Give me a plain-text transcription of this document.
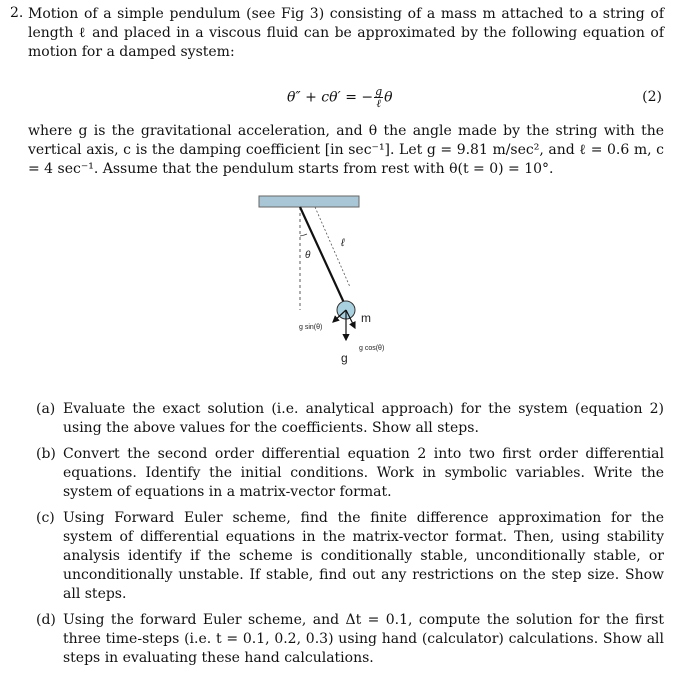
2. Motion of a simple pendulum (see Fig 3) consisting of a mass m attached to a string of length ℓ and placed in a viscous fluid can be approximated by the following equation of motion for a damped system:
θ″ + cθ′ = − $\frac{g}{\text{ℓ}}$ θ	(2)
where g is the gravitational acceleration, and θ the angle made by the string with the vertical axis, c is the damping coefficient [in sec⁻¹]. Let g = 9.81 m/sec², and ℓ = 0.6 m, c = 4 sec⁻¹. Assume that the pendulum starts from rest with θ(t = 0) = 10°.
θ
ℓ
m
g sin(θ)
g cos(θ)
g
(a) Evaluate the exact solution (i.e. analytical approach) for the system (equation 2) using the above values for the coefficients. Show all steps.
(b) Convert the second order differential equation 2 into two first order differential equations. Identify the initial conditions. Work in symbolic variables. Write the system of equations in a matrix-vector format.
(c) Using Forward Euler scheme, find the finite difference approximation for the system of differential equations in the matrix-vector format. Then, using stability analysis identify if the scheme is conditionally stable, unconditionally stable, or unconditionally unstable. If stable, find out any restrictions on the step size. Show all steps.
(d) Using the forward Euler scheme, and Δt = 0.1, compute the solution for the first three time-steps (i.e. t = 0.1, 0.2, 0.3) using hand (calculator) calculations. Show all steps in evaluating these hand calculations.
